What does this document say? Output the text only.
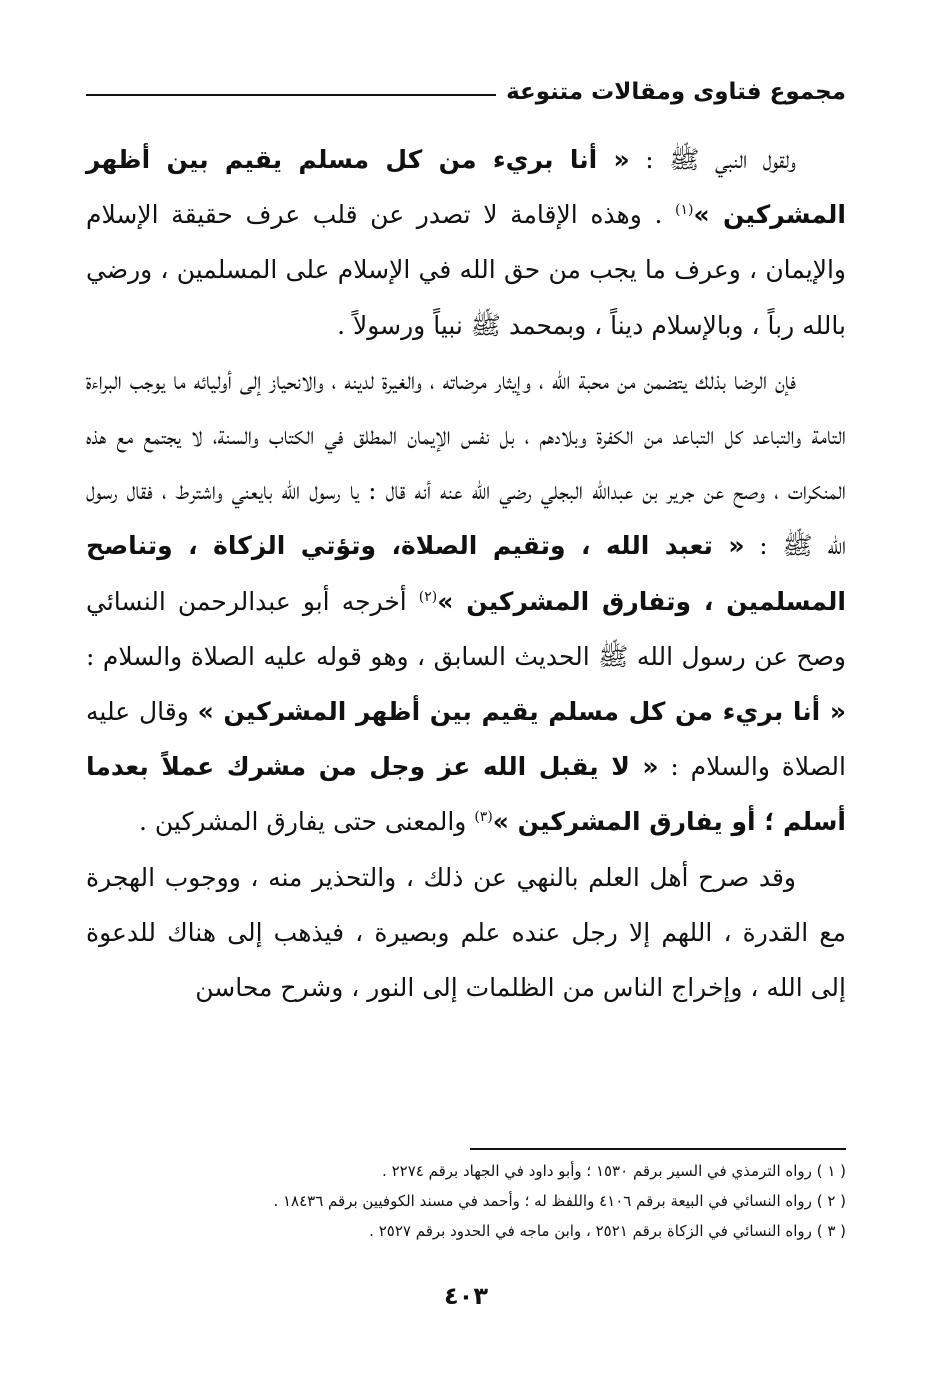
مجموع فتاوى ومقالات متنوعة

ولقول النبي ﷺ : « أنا بريء من كل مسلم يقيم بين أظهر المشركين »$^{(١)}$ . وهذه الإقامة لا تصدر عن قلب عرف حقيقة الإسلام والإيمان ، وعرف ما يجب من حق الله في الإسلام على المسلمين ، ورضي بالله رباً ، وبالإسلام ديناً ، وبمحمد ﷺ نبياً ورسولاً .

فإن الرضا بذلك يتضمن من محبة الله ، وإيثار مرضاته ، والغيرة لدينه ، والانحياز إلى أوليائه ما يوجب البراءة التامة والتباعد كل التباعد من الكفرة وبلادهم ، بل نفس الإيمان المطلق في الكتاب والسنة، لا يجتمع مع هذه المنكرات ، وصح عن جرير بن عبدالله البجلي رضي الله عنه أنه قال : يا رسول الله بايعني واشترط ، فقال رسول الله ﷺ : « تعبد الله ، وتقيم الصلاة، وتؤتي الزكاة ، وتناصح المسلمين ، وتفارق المشركين »$^{(٢)}$ أخرجه أبو عبدالرحمن النسائي وصح عن رسول الله ﷺ الحديث السابق ، وهو قوله عليه الصلاة والسلام : « أنا بريء من كل مسلم يقيم بين أظهر المشركين » وقال عليه الصلاة والسلام : « لا يقبل الله عز وجل من مشرك عملاً بعدما أسلم ؛ أو يفارق المشركين »$^{(٣)}$ والمعنى حتى يفارق المشركين .

وقد صرح أهل العلم بالنهي عن ذلك ، والتحذير منه ، ووجوب الهجرة مع القدرة ، اللهم إلا رجل عنده علم وبصيرة ، فيذهب إلى هناك للدعوة إلى الله ، وإخراج الناس من الظلمات إلى النور ، وشرح محاسن

( ١ ) رواه الترمذي في السير برقم ١٥٣٠ ؛ وأبو داود في الجهاد برقم ٢٢٧٤ .
( ٢ ) رواه النسائي في البيعة برقم ٤١٠٦ واللفظ له ؛ وأحمد في مسند الكوفيين برقم ١٨٤٣٦ .
( ٣ ) رواه النسائي في الزكاة برقم ٢٥٢١ ، وابن ماجه في الحدود برقم ٢٥٢٧ .
٤٠٣
